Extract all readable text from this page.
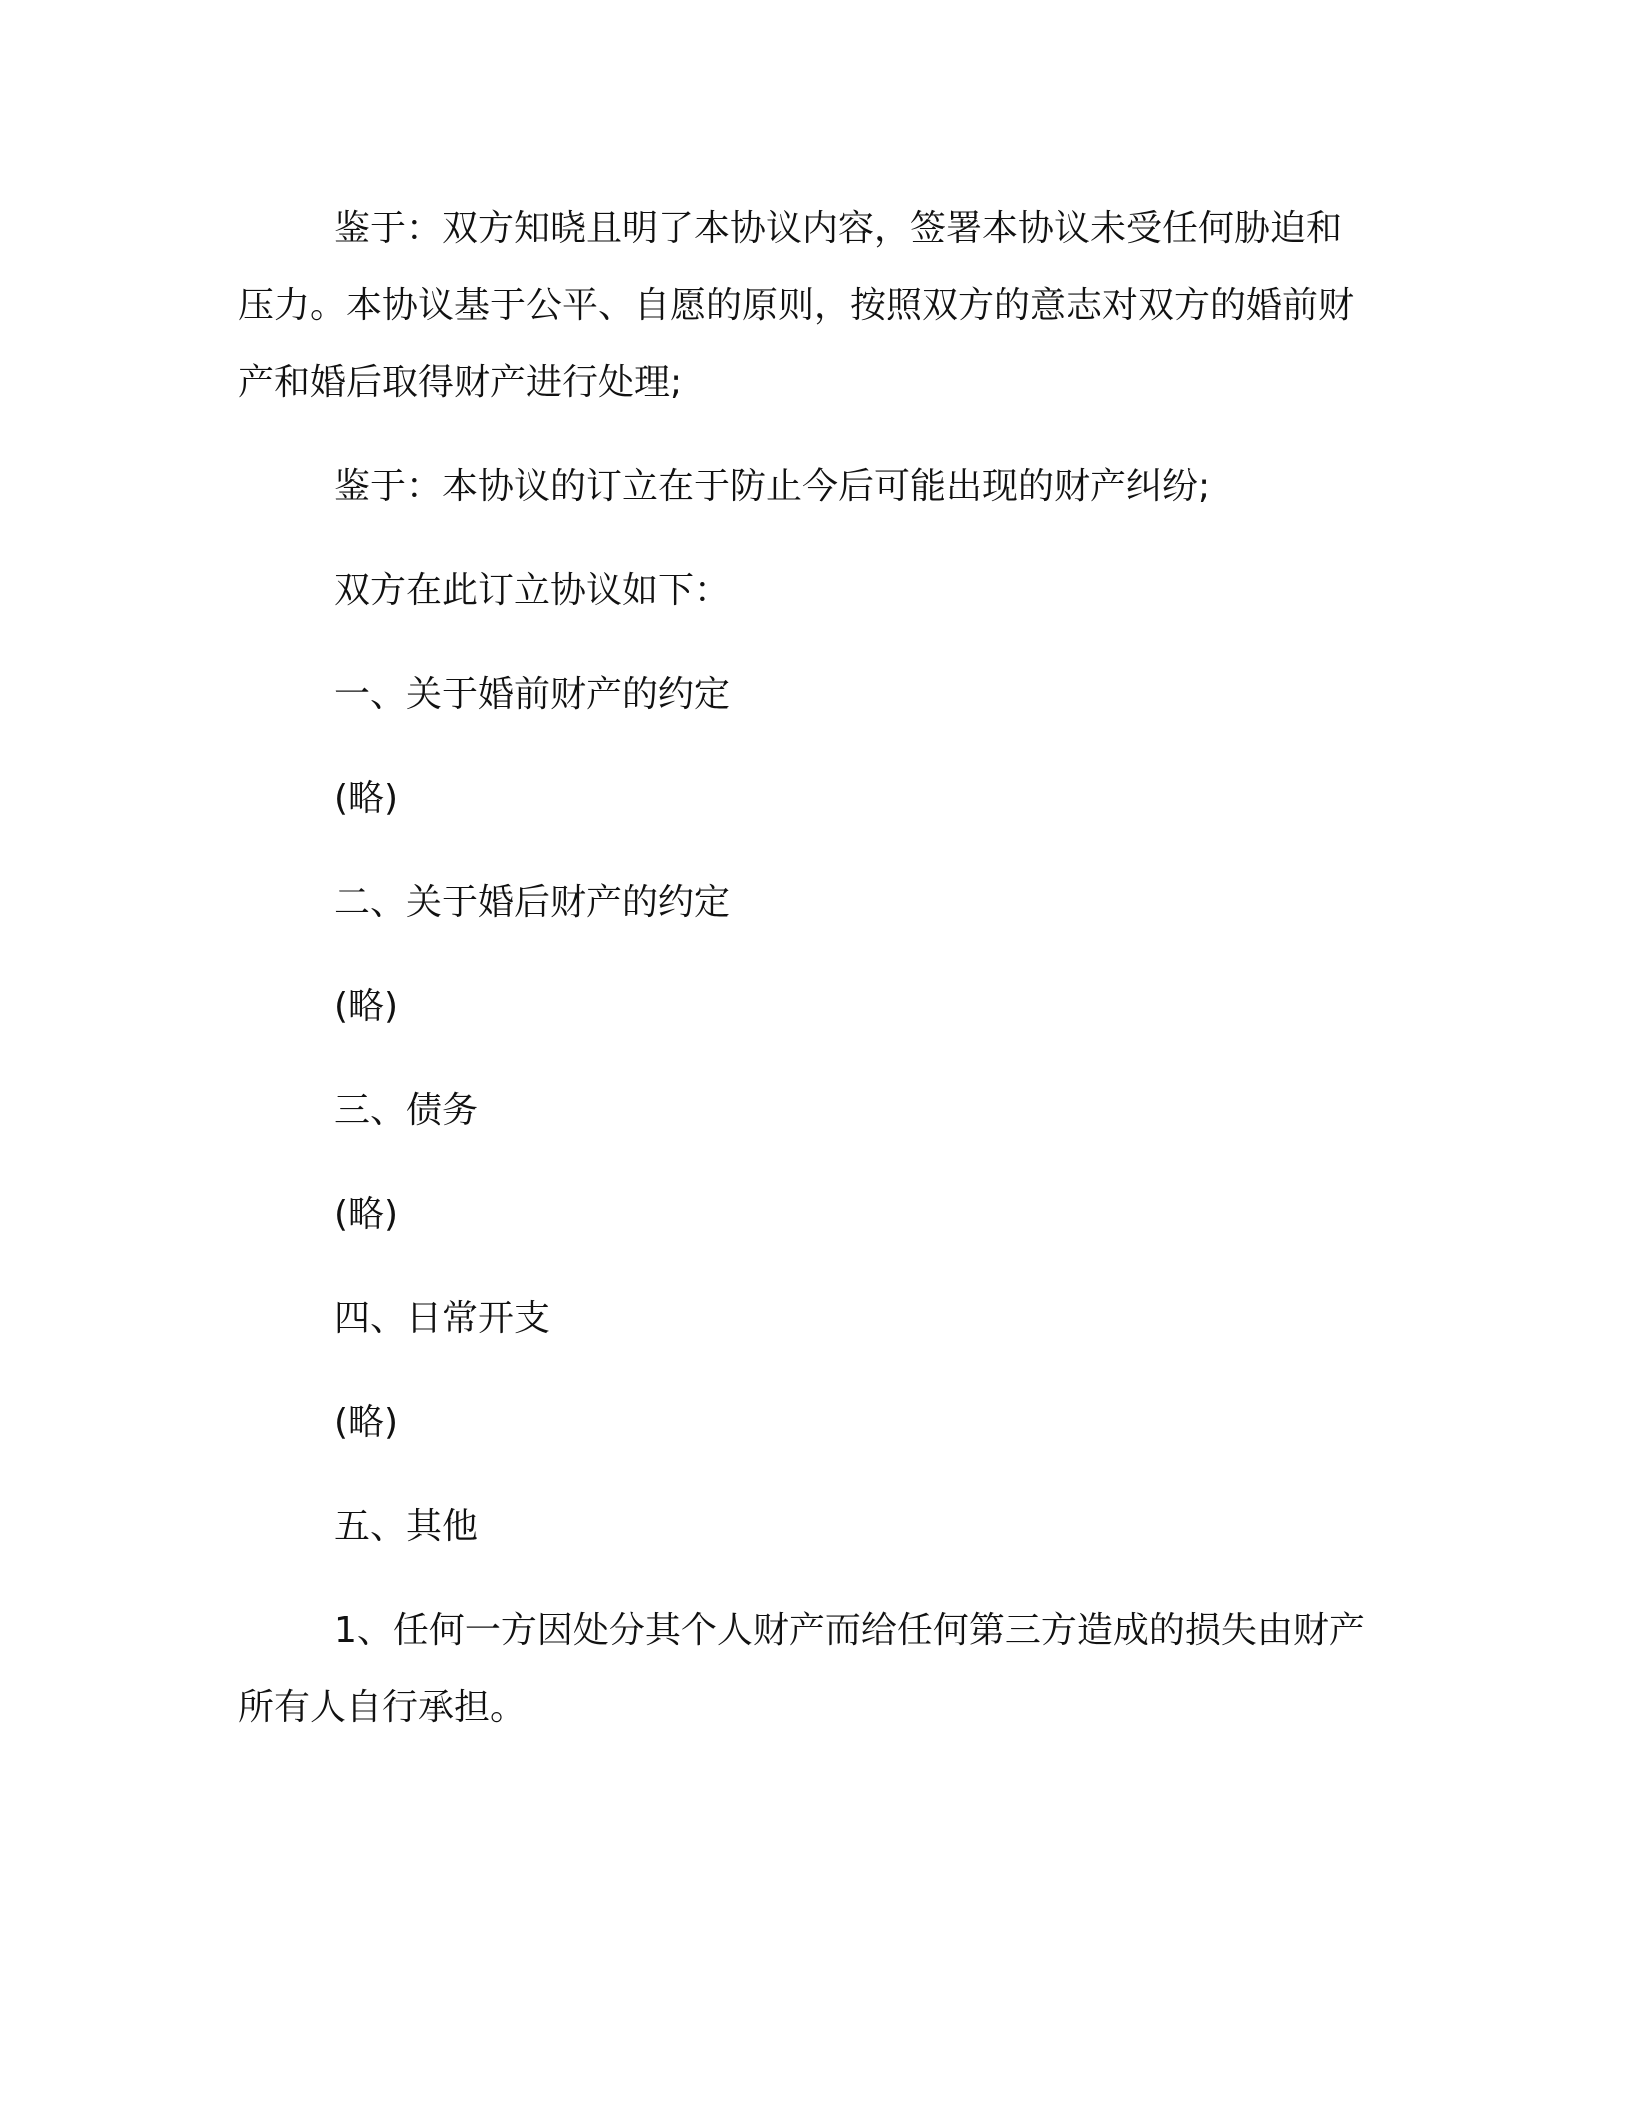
鉴于：双方知晓且明了本协议内容，签署本协议未受任何胁迫和压力。本协议基于公平、自愿的原则，按照双方的意志对双方的婚前财产和婚后取得财产进行处理;

鉴于：本协议的订立在于防止今后可能出现的财产纠纷;

双方在此订立协议如下：

一、关于婚前财产的约定

(略)

二、关于婚后财产的约定

(略)

三、债务

(略)

四、日常开支

(略)

五、其他

1、任何一方因处分其个人财产而给任何第三方造成的损失由财产所有人自行承担。
